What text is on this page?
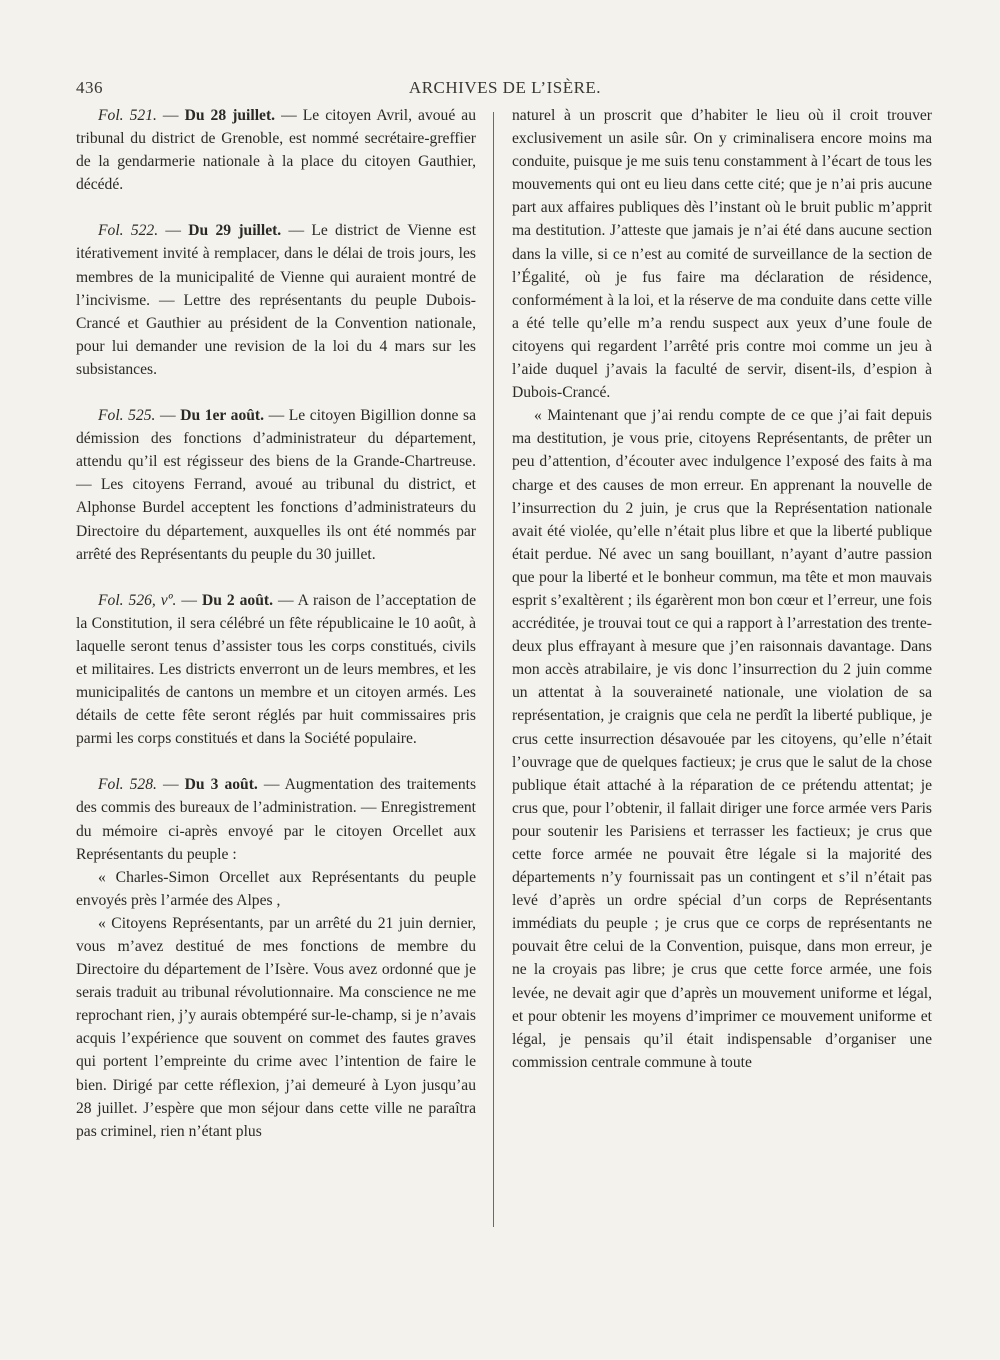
436	ARCHIVES DE L’ISÈRE.

Fol. 521. — Du 28 juillet. — Le citoyen Avril, avoué au tribunal du district de Grenoble, est nommé secrétaire-greffier de la gendarmerie nationale à la place du citoyen Gauthier, décédé.

Fol. 522. — Du 29 juillet. — Le district de Vienne est itérativement invité à remplacer, dans le délai de trois jours, les membres de la municipalité de Vienne qui auraient montré de l’incivisme. — Lettre des représentants du peuple Dubois-Crancé et Gauthier au président de la Convention nationale, pour lui demander une revision de la loi du 4 mars sur les subsistances.

Fol. 525. — Du 1er août. — Le citoyen Bigillion donne sa démission des fonctions d’administrateur du département, attendu qu’il est régisseur des biens de la Grande-Chartreuse. — Les citoyens Ferrand, avoué au tribunal du district, et Alphonse Burdel acceptent les fonctions d’administrateurs du Directoire du département, auxquelles ils ont été nommés par arrêté des Représentants du peuple du 30 juillet.

Fol. 526, vº. — Du 2 août. — A raison de l’acceptation de la Constitution, il sera célébré un fête républicaine le 10 août, à laquelle seront tenus d’assister tous les corps constitués, civils et militaires. Les districts enverront un de leurs membres, et les municipalités de cantons un membre et un citoyen armés. Les détails de cette fête seront réglés par huit commissaires pris parmi les corps constitués et dans la Société populaire.

Fol. 528. — Du 3 août. — Augmentation des traitements des commis des bureaux de l’administration. — Enregistrement du mémoire ci-après envoyé par le citoyen Orcellet aux Représentants du peuple :

« Charles-Simon Orcellet aux Représentants du peuple envoyés près l’armée des Alpes ,

« Citoyens Représentants, par un arrêté du 21 juin dernier, vous m’avez destitué de mes fonctions de membre du Directoire du département de l’Isère. Vous avez ordonné que je serais traduit au tribunal révolutionnaire. Ma conscience ne me reprochant rien, j’y aurais obtempéré sur-le-champ, si je n’avais acquis l’expérience que souvent on commet des fautes graves qui portent l’empreinte du crime avec l’intention de faire le bien. Dirigé par cette réflexion, j’ai demeuré à Lyon jusqu’au 28 juillet. J’espère que mon séjour dans cette ville ne paraîtra pas criminel, rien n’étant plus

naturel à un proscrit que d’habiter le lieu où il croit trouver exclusivement un asile sûr. On y criminalisera encore moins ma conduite, puisque je me suis tenu constamment à l’écart de tous les mouvements qui ont eu lieu dans cette cité; que je n’ai pris aucune part aux affaires publiques dès l’instant où le bruit public m’apprit ma destitution. J’atteste que jamais je n’ai été dans aucune section dans la ville, si ce n’est au comité de surveillance de la section de l’Égalité, où je fus faire ma déclaration de résidence, conformément à la loi, et la réserve de ma conduite dans cette ville a été telle qu’elle m’a rendu suspect aux yeux d’une foule de citoyens qui regardent l’arrêté pris contre moi comme un jeu à l’aide duquel j’avais la faculté de servir, disent-ils, d’espion à Dubois-Crancé.

« Maintenant que j’ai rendu compte de ce que j’ai fait depuis ma destitution, je vous prie, citoyens Représentants, de prêter un peu d’attention, d’écouter avec indulgence l’exposé des faits à ma charge et des causes de mon erreur. En apprenant la nouvelle de l’insurrection du 2 juin, je crus que la Représentation nationale avait été violée, qu’elle n’était plus libre et que la liberté publique était perdue. Né avec un sang bouillant, n’ayant d’autre passion que pour la liberté et le bonheur commun, ma tête et mon mauvais esprit s’exaltèrent ; ils égarèrent mon bon cœur et l’erreur, une fois accréditée, je trouvai tout ce qui a rapport à l’arrestation des trente-deux plus effrayant à mesure que j’en raisonnais davantage. Dans mon accès atrabilaire, je vis donc l’insurrection du 2 juin comme un attentat à la souveraineté nationale, une violation de sa représentation, je craignis que cela ne perdît la liberté publique, je crus cette insurrection désavouée par les citoyens, qu’elle n’était l’ouvrage que de quelques factieux; je crus que le salut de la chose publique était attaché à la réparation de ce prétendu attentat; je crus que, pour l’obtenir, il fallait diriger une force armée vers Paris pour soutenir les Parisiens et terrasser les factieux; je crus que cette force armée ne pouvait être légale si la majorité des départements n’y fournissait pas un contingent et s’il n’était pas levé d’après un ordre spécial d’un corps de Représentants immédiats du peuple ; je crus que ce corps de représentants ne pouvait être celui de la Convention, puisque, dans mon erreur, je ne la croyais pas libre; je crus que cette force armée, une fois levée, ne devait agir que d’après un mouvement uniforme et légal, et pour obtenir les moyens d’imprimer ce mouvement uniforme et légal, je pensais qu’il était indispensable d’organiser une commission centrale commune à toute
